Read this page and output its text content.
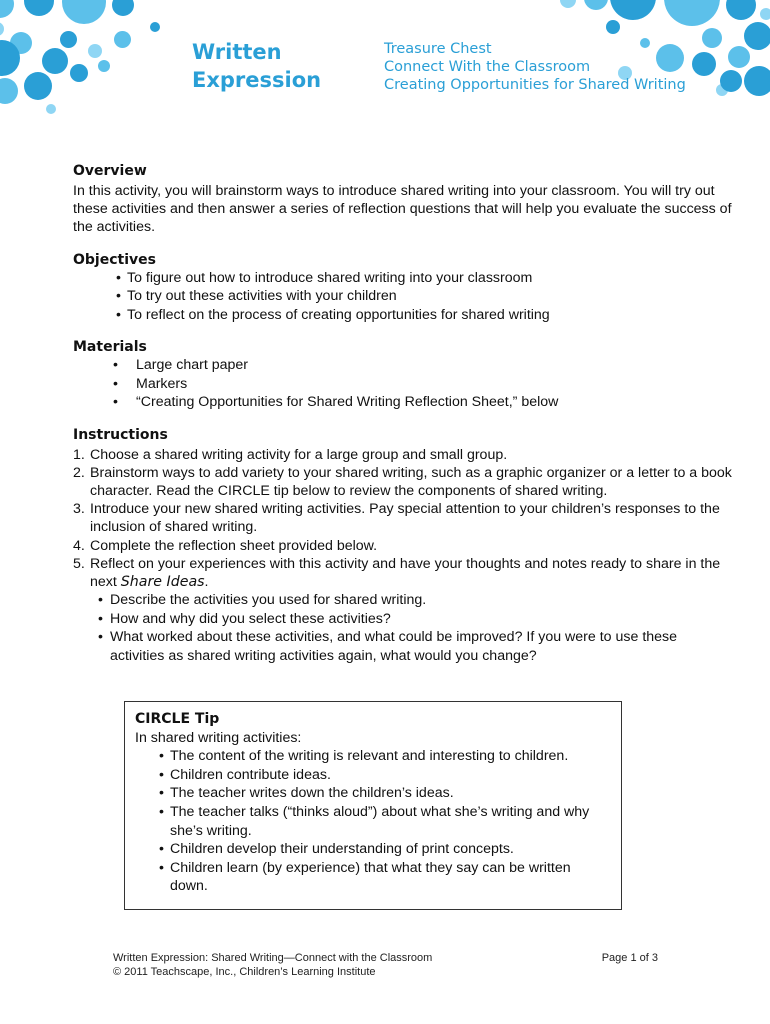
Written
Expression
Treasure Chest
Connect With the Classroom
Creating Opportunities for Shared Writing
Overview

In this activity, you will brainstorm ways to introduce shared writing into your classroom. You will try out these activities and then answer a series of reflection questions that will help you evaluate the success of the activities.

Objectives
• To figure out how to introduce shared writing into your classroom
• To try out these activities with your children
• To reflect on the process of creating opportunities for shared writing
Materials
• Large chart paper
• Markers
• “Creating Opportunities for Shared Writing Reflection Sheet,” below
Instructions
1. Choose a shared writing activity for a large group and small group.
2. Brainstorm ways to add variety to your shared writing, such as a graphic organizer or a letter to a book character. Read the CIRCLE tip below to review the components of shared writing.
3. Introduce your new shared writing activities. Pay special attention to your children’s responses to the inclusion of shared writing.
4. Complete the reflection sheet provided below.
5. Reflect on your experiences with this activity and have your thoughts and notes ready to share in the next Share Ideas.
• Describe the activities you used for shared writing.
• How and why did you select these activities?
• What worked about these activities, and what could be improved? If you were to use these activities as shared writing activities again, what would you change?
CIRCLE Tip

In shared writing activities:

• The content of the writing is relevant and interesting to children.
• Children contribute ideas.
• The teacher writes down the children’s ideas.
• The teacher talks (“thinks aloud”) about what she’s writing and why she’s writing.
• Children develop their understanding of print concepts.
• Children learn (by experience) that what they say can be written down.
Written Expression: Shared Writing—Connect with the Classroom
© 2011 Teachscape, Inc., Children’s Learning Institute
Page 1 of 3
